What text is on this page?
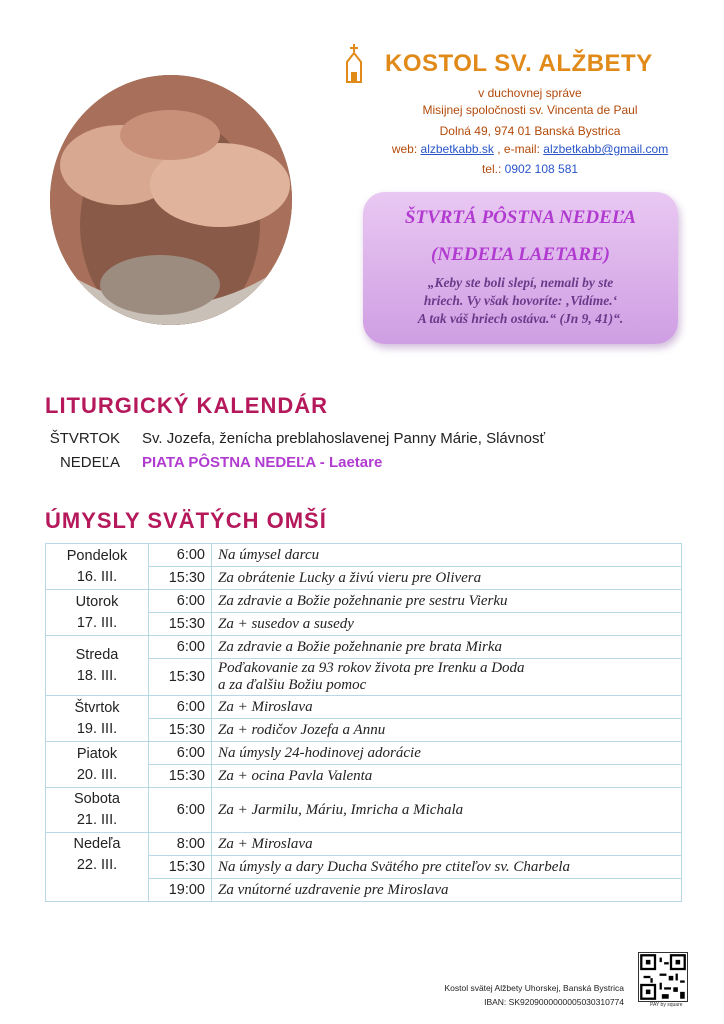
KOSTOL SV. ALŽBETY
v duchovnej správe
Misijnej spoločnosti sv. Vincenta de Paul
Dolná 49, 974 01 Banská Bystrica
web: alzbetkabb.sk , e-mail: alzbetkabb@gmail.com
tel.: 0902 108 581
ŠTVRTÁ PÔSTNA NEDEĽA
(NEDEĽA LAETARE)
„Keby ste boli slepí, nemali by ste
hriech. Vy však hovoríte: ‚Vidíme.‘
A tak váš hriech ostáva.“ (Jn 9, 41)“.
LITURGICKÝ KALENDÁR
ŠTVRTOK Sv. Jozefa, ženícha preblahoslavenej Panny Márie, Slávnosť
NEDEĽA PIATA PÔSTNA NEDEĽA - Laetare
ÚMYSLY SVÄTÝCH OMŠÍ
Pondelok
16. III.	6:00	Na úmysel darcu
	15:30	Za obrátenie Lucky a živú vieru pre Olivera
Utorok
17. III.	6:00	Za zdravie a Božie požehnanie pre sestru Vierku
	15:30	Za + susedov a susedy
Streda
18. III.	6:00	Za zdravie a Božie požehnanie pre brata Mirka
	15:30	Poďakovanie za 93 rokov života pre Irenku a Doda
a za ďalšiu Božiu pomoc
Štvrtok
19. III.	6:00	Za + Miroslava
	15:30	Za + rodičov Jozefa a Annu
Piatok
20. III.	6:00	Na úmysly 24-hodinovej adorácie
	15:30	Za + ocina Pavla Valenta
Sobota
21. III.	6:00	Za + Jarmilu, Máriu, Imricha a Michala
Nedeľa
22. III.	8:00	Za + Miroslava
	15:30	Na úmysly a dary Ducha Svätého pre ctiteľov sv. Charbela
	19:00	Za vnútorné uzdravenie pre Miroslava
Kostol svätej Alžbety Uhorskej, Banská Bystrica
IBAN: SK9209000000005030310774	PAY by square
